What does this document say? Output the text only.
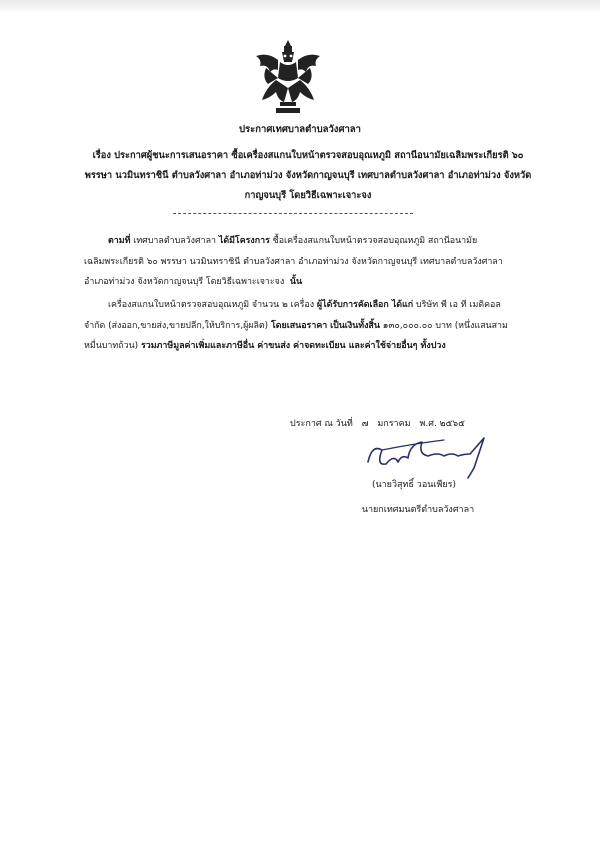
ประกาศเทศบาลตำบลวังศาลา
เรื่อง ประกาศผู้ชนะการเสนอราคา ซื้อเครื่องสแกนใบหน้าตรวจสอบอุณหภูมิ สถานีอนามัยเฉลิมพระเกียรติ ๖๐ พรรษา นวมินทราชินี ตำบลวังศาลา อำเภอท่าม่วง จังหวัดกาญจนบุรี เทศบาลตำบลวังศาลา อำเภอท่าม่วง จังหวัดกาญจนบุรี โดยวิธีเฉพาะเจาะจง
ตามที่ เทศบาลตำบลวังศาลา ได้มีโครงการ ซื้อเครื่องสแกนใบหน้าตรวจสอบอุณหภูมิ สถานีอนามัยเฉลิมพระเกียรติ ๖๐ พรรษา นวมินทราชินี ตำบลวังศาลา อำเภอท่าม่วง จังหวัดกาญจนบุรี เทศบาลตำบลวังศาลา อำเภอท่าม่วง จังหวัดกาญจนบุรี โดยวิธีเฉพาะเจาะจง นั้น
เครื่องสแกนใบหน้าตรวจสอบอุณหภูมิ จำนวน ๒ เครื่อง ผู้ได้รับการคัดเลือก ได้แก่ บริษัท พี เอ ที เมดิคอล จำกัด (ส่งออก,ขายส่ง,ขายปลีก,ให้บริการ,ผู้ผลิต) โดยเสนอราคา เป็นเงินทั้งสิ้น ๑๓๐,๐๐๐.๐๐ บาท (หนึ่งแสนสามหมื่นบาทถ้วน) รวมภาษีมูลค่าเพิ่มและภาษีอื่น ค่าขนส่ง ค่าจดทะเบียน และค่าใช้จ่ายอื่นๆ ทั้งปวง
ประกาศ ณ วันที่ ๗ มกราคม พ.ศ. ๒๕๖๕
(นายวิสุทธิ์ วอนเพียร)
นายกเทศมนตรีตำบลวังศาลา
